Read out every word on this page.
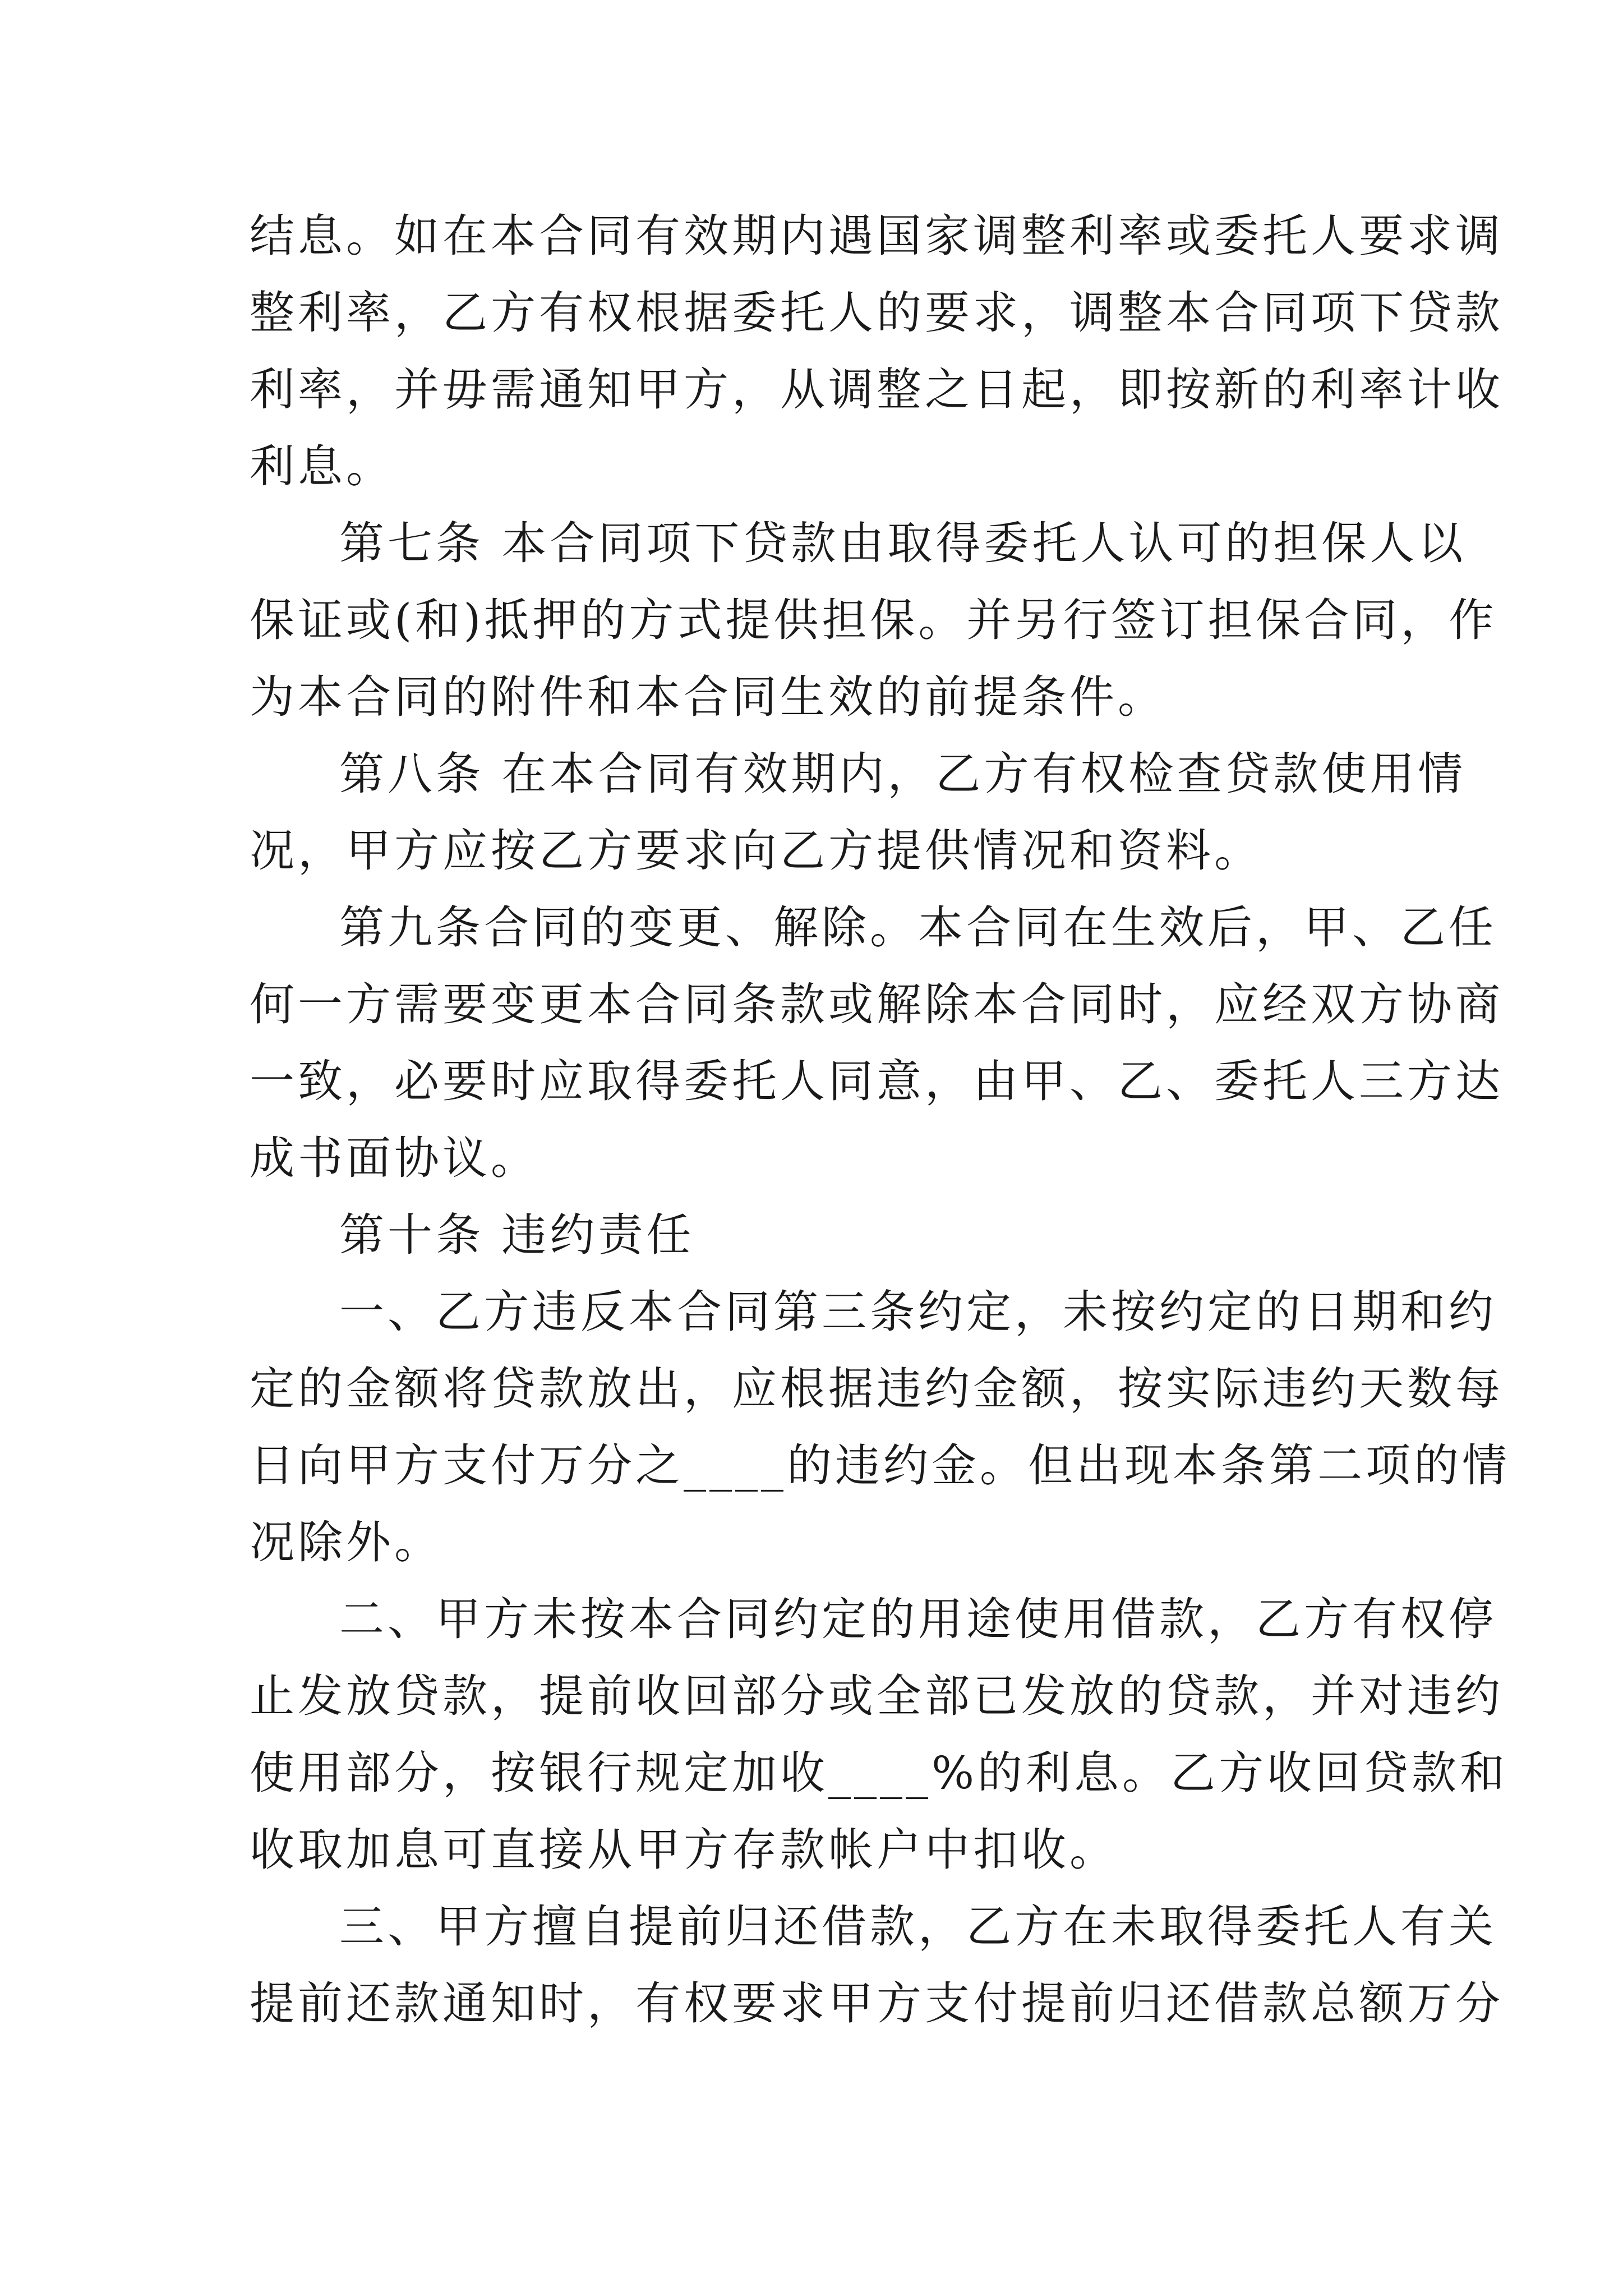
结息。如在本合同有效期内遇国家调整利率或委托人要求调
整利率，乙方有权根据委托人的要求，调整本合同项下贷款
利率，并毋需通知甲方，从调整之日起，即按新的利率计收
利息。

第七条 本合同项下贷款由取得委托人认可的担保人以
保证或(和)抵押的方式提供担保。并另行签订担保合同，作
为本合同的附件和本合同生效的前提条件。

第八条 在本合同有效期内，乙方有权检查贷款使用情
况，甲方应按乙方要求向乙方提供情况和资料。

第九条合同的变更、解除。本合同在生效后，甲、乙任
何一方需要变更本合同条款或解除本合同时，应经双方协商
一致，必要时应取得委托人同意，由甲、乙、委托人三方达
成书面协议。

第十条 违约责任

一、乙方违反本合同第三条约定，未按约定的日期和约
定的金额将贷款放出，应根据违约金额，按实际违约天数每
日向甲方支付万分之____的违约金。但出现本条第二项的情
况除外。

二、甲方未按本合同约定的用途使用借款，乙方有权停
止发放贷款，提前收回部分或全部已发放的贷款，并对违约
使用部分，按银行规定加收____%的利息。乙方收回贷款和
收取加息可直接从甲方存款帐户中扣收。

三、甲方擅自提前归还借款，乙方在未取得委托人有关
提前还款通知时，有权要求甲方支付提前归还借款总额万分
